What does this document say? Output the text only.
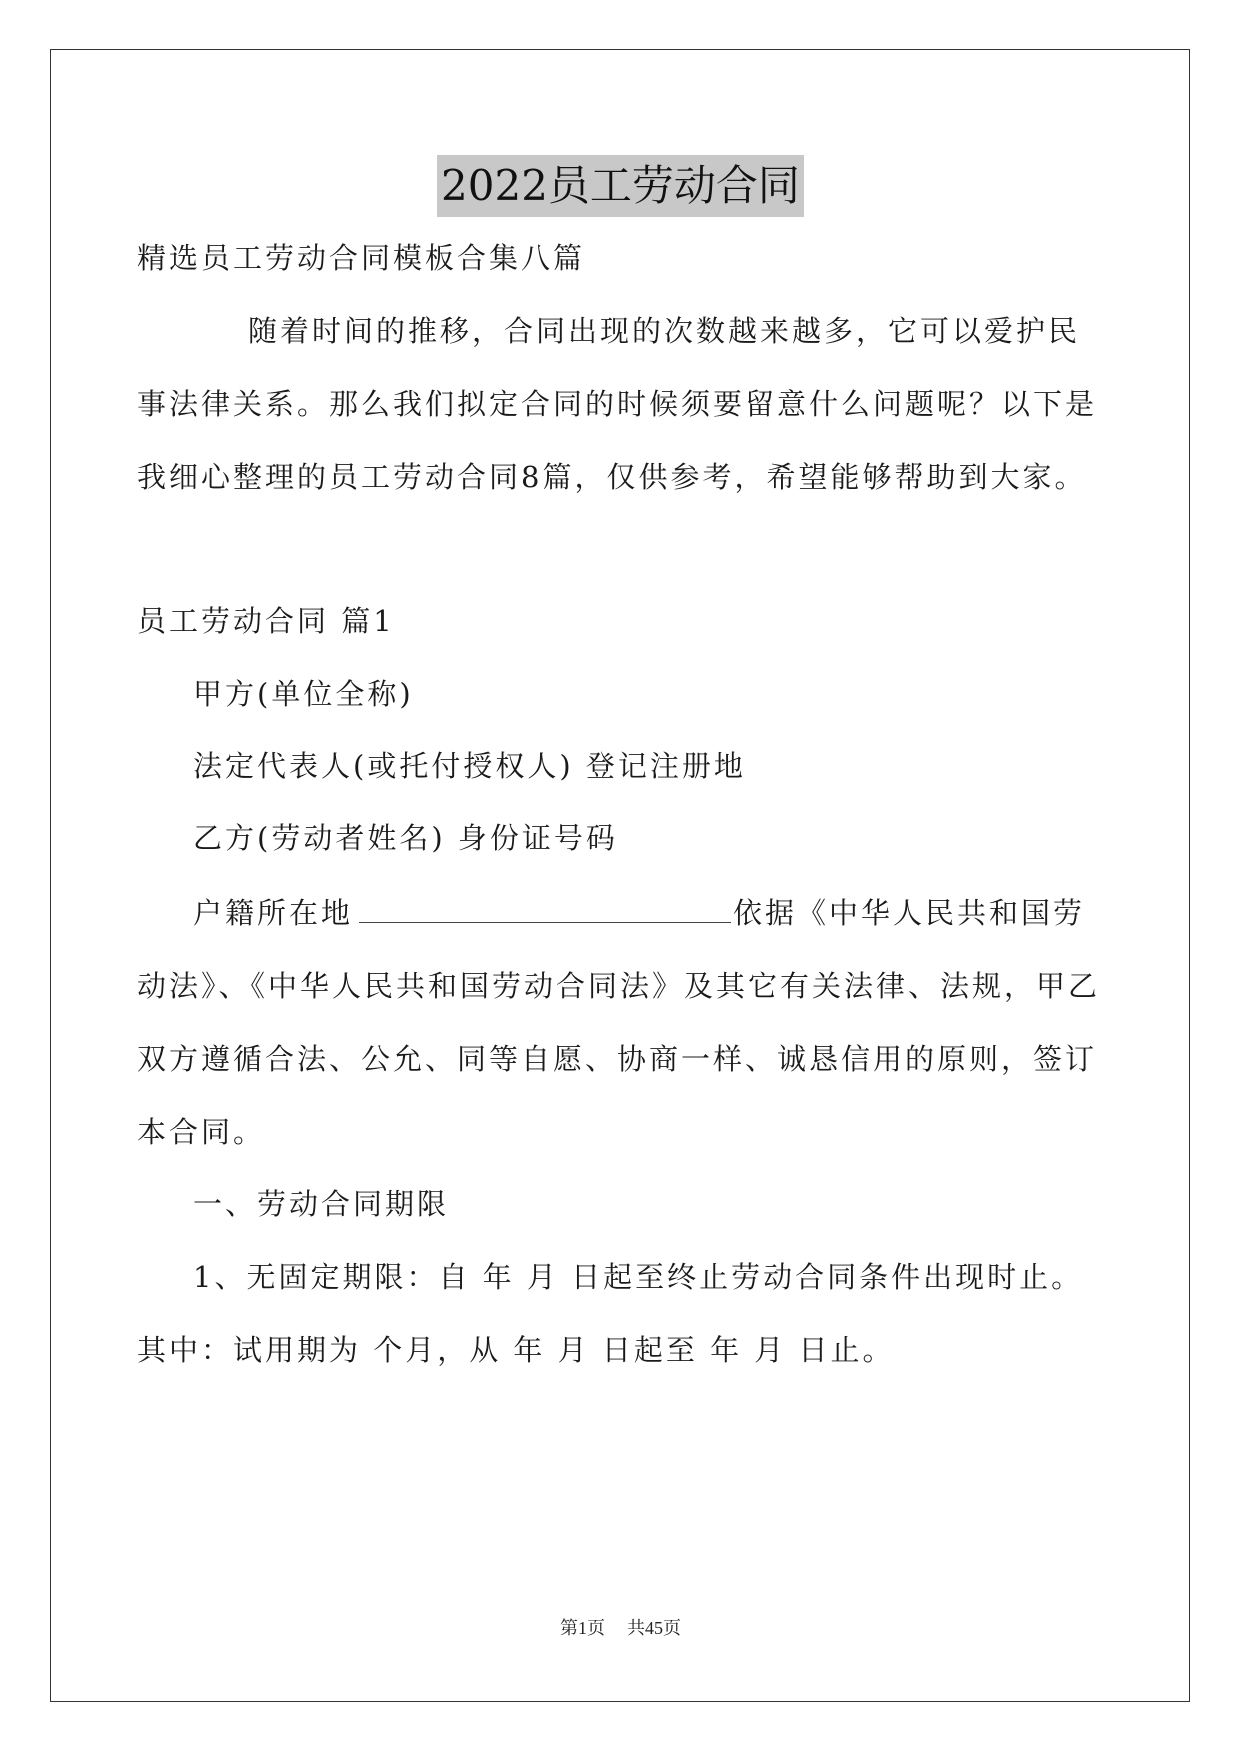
2022员工劳动合同
精选员工劳动合同模板合集八篇
随着时间的推移，合同出现的次数越来越多，它可以爱护民
事法律关系。那么我们拟定合同的时候须要留意什么问题呢？以下是
我细心整理的员工劳动合同8篇，仅供参考，希望能够帮助到大家。
员工劳动合同 篇1
甲方(单位全称)
法定代表人(或托付授权人) 登记注册地
乙方(劳动者姓名) 身份证号码
户籍所在地	依据《中华人民共和国劳
动法》、《中华人民共和国劳动合同法》及其它有关法律、法规，甲乙
双方遵循合法、公允、同等自愿、协商一样、诚恳信用的原则，签订
本合同。
一、劳动合同期限
1、无固定期限：自 年 月 日起至终止劳动合同条件出现时止。
其中：试用期为 个月，从 年 月 日起至 年 月 日止。
第1页 共45页
